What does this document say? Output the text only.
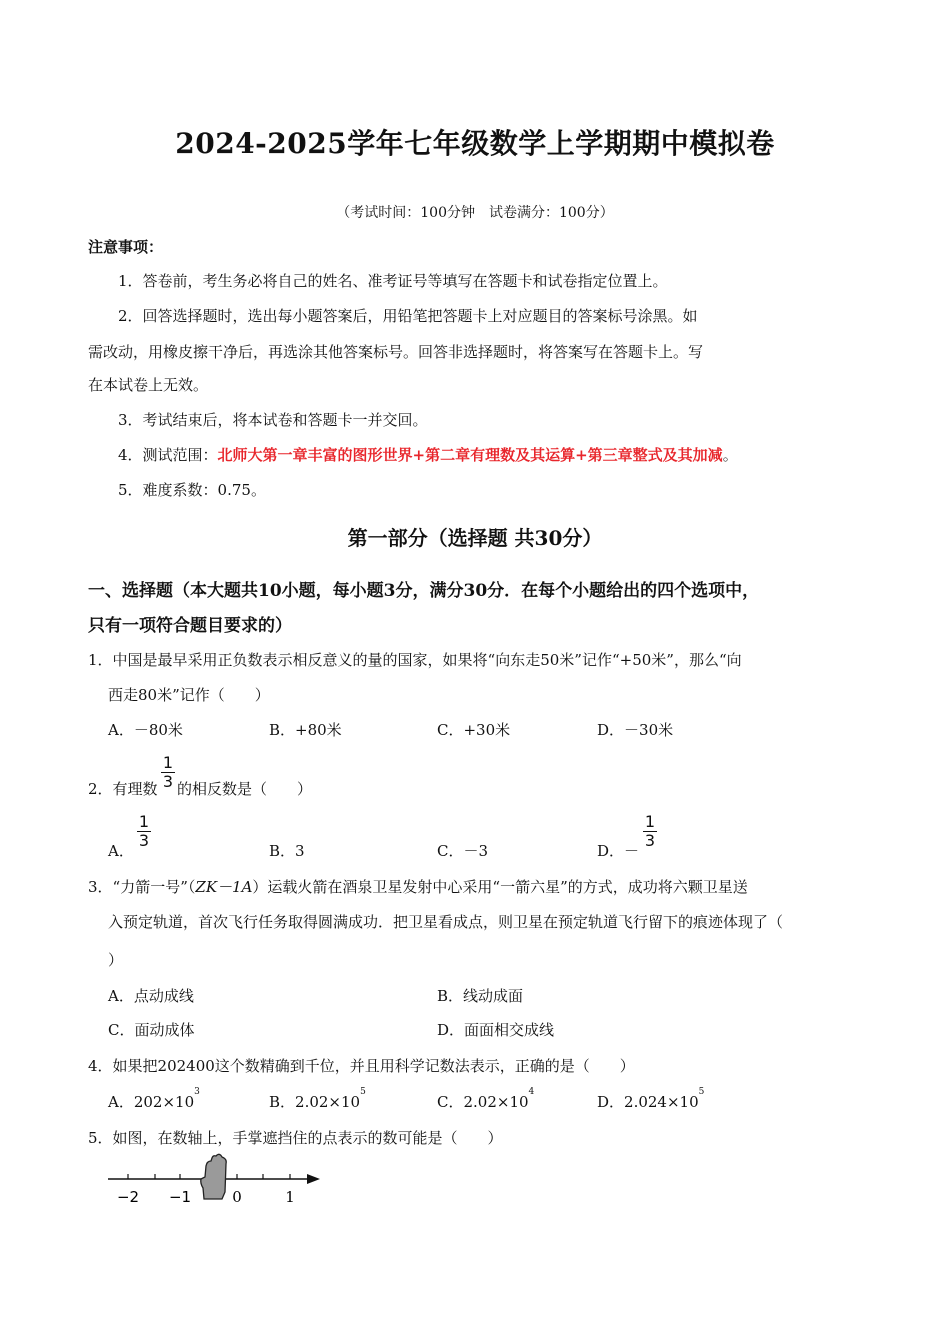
2024-2025学年七年级数学上学期期中模拟卷
（考试时间：100分钟　试卷满分：100分）
注意事项：
1．答卷前，考生务必将自己的姓名、准考证号等填写在答题卡和试卷指定位置上。
2．回答选择题时，选出每小题答案后，用铅笔把答题卡上对应题目的答案标号涂黑。如
需改动，用橡皮擦干净后，再选涂其他答案标号。回答非选择题时，将答案写在答题卡上。写
在本试卷上无效。
3．考试结束后，将本试卷和答题卡一并交回。
4．测试范围：北师大第一章丰富的图形世界+第二章有理数及其运算+第三章整式及其加减。
5．难度系数：0.75。
第一部分（选择题 共30分）
一、选择题（本大题共10小题，每小题3分，满分30分．在每个小题给出的四个选项中，
只有一项符合题目要求的）
1．中国是最早采用正负数表示相反意义的量的国家，如果将“向东走50米”记作“+50米”，那么“向
西走80米”记作（　　）
A．－80米	B．+80米	C．+30米	D．－30米
2．有理数
1
3 的相反数是（　　）
A．
1
3
B．3	C．－3	D．－
1
3
3．“力箭一号”（ZK－1A）运载火箭在酒泉卫星发射中心采用“一箭六星”的方式，成功将六颗卫星送
入预定轨道，首次飞行任务取得圆满成功．把卫星看成点，则卫星在预定轨道飞行留下的痕迹体现了（
）
A．点动成线	B．线动成面
C．面动成体	D．面面相交成线
4．如果把202400这个数精确到千位，并且用科学记数法表示，正确的是（　　）
A．$202\times 10^3$
B．$2.02\times 10^5$
C．$2.02\times 10^4$
D．$2.024\times 10^5$
5．如图，在数轴上，手掌遮挡住的点表示的数可能是（　　）
−2 −1	0	1
